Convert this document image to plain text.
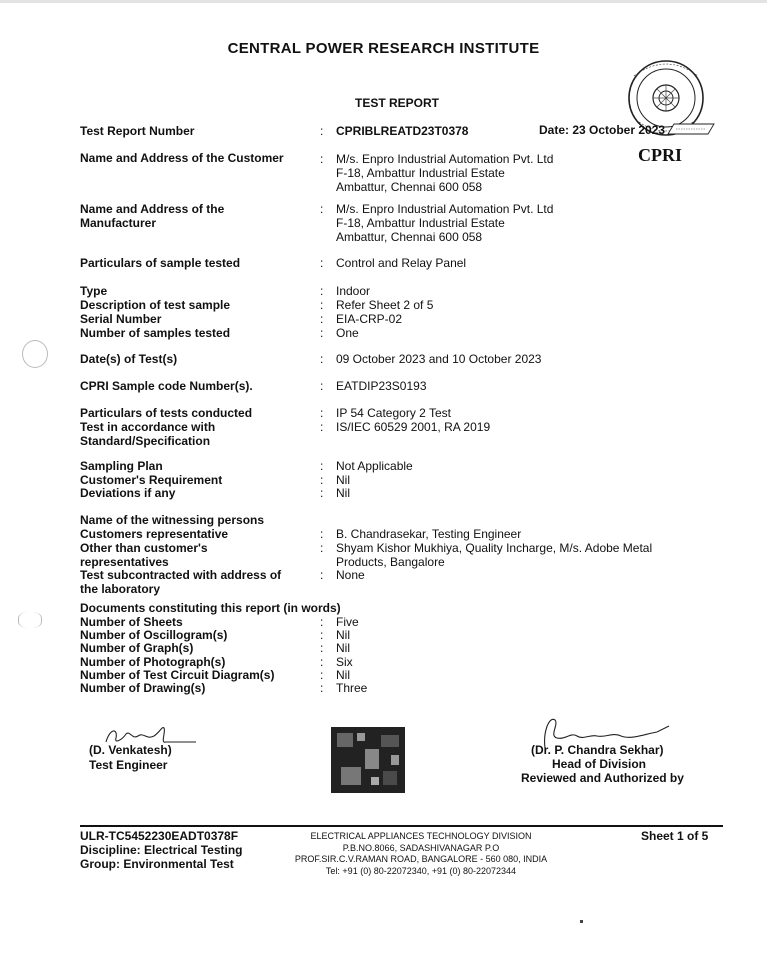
CENTRAL POWER RESEARCH INSTITUTE
TEST REPORT
Test Report Number	: CPRIBLREATD23T0378	Date: 23 October 2023
CPRI
Name and Address of the Customer	: M/s. Enpro Industrial Automation Pvt. Ltd
F-18, Ambattur Industrial Estate
Ambattur, Chennai 600 058
Name and Address of the
Manufacturer
: M/s. Enpro Industrial Automation Pvt. Ltd
F-18, Ambattur Industrial Estate
Ambattur, Chennai 600 058
Particulars of sample tested	: Control and Relay Panel
Type	: Indoor
Description of test sample	: Refer Sheet 2 of 5
Serial Number	: EIA-CRP-02
Number of samples tested	: One
Date(s) of Test(s)	: 09 October 2023 and 10 October 2023
CPRI Sample code Number(s).	: EATDIP23S0193
Particulars of tests conducted	: IP 54 Category 2 Test
Test in accordance with
Standard/Specification
: IS/IEC 60529 2001, RA 2019
Sampling Plan	: Not Applicable
Customer's Requirement	: Nil
Deviations if any	: Nil
Name of the witnessing persons
Customers representative	: B. Chandrasekar, Testing Engineer
Other than customer's
representatives
: Shyam Kishor Mukhiya, Quality Incharge, M/s. Adobe Metal
Products, Bangalore
Test subcontracted with address of
the laboratory
: None
Documents constituting this report (in words)
Number of Sheets	: Five
Number of Oscillogram(s)	: Nil
Number of Graph(s)	: Nil
Number of Photograph(s)	: Six
Number of Test Circuit Diagram(s)	: Nil
Number of Drawing(s)	: Three
(D. Venkatesh)
Test Engineer
(Dr. P. Chandra Sekhar)
Head of Division
Reviewed and Authorized by
ULR-TC5452230EADT0378F
Discipline: Electrical Testing
Group: Environmental Test
ELECTRICAL APPLIANCES TECHNOLOGY DIVISION
P.B.NO.8066, SADASHIVANAGAR P.O
PROF.SIR.C.V.RAMAN ROAD, BANGALORE - 560 080, INDIA
Tel: +91 (0) 80-22072340, +91 (0) 80-22072344
Sheet 1 of 5
